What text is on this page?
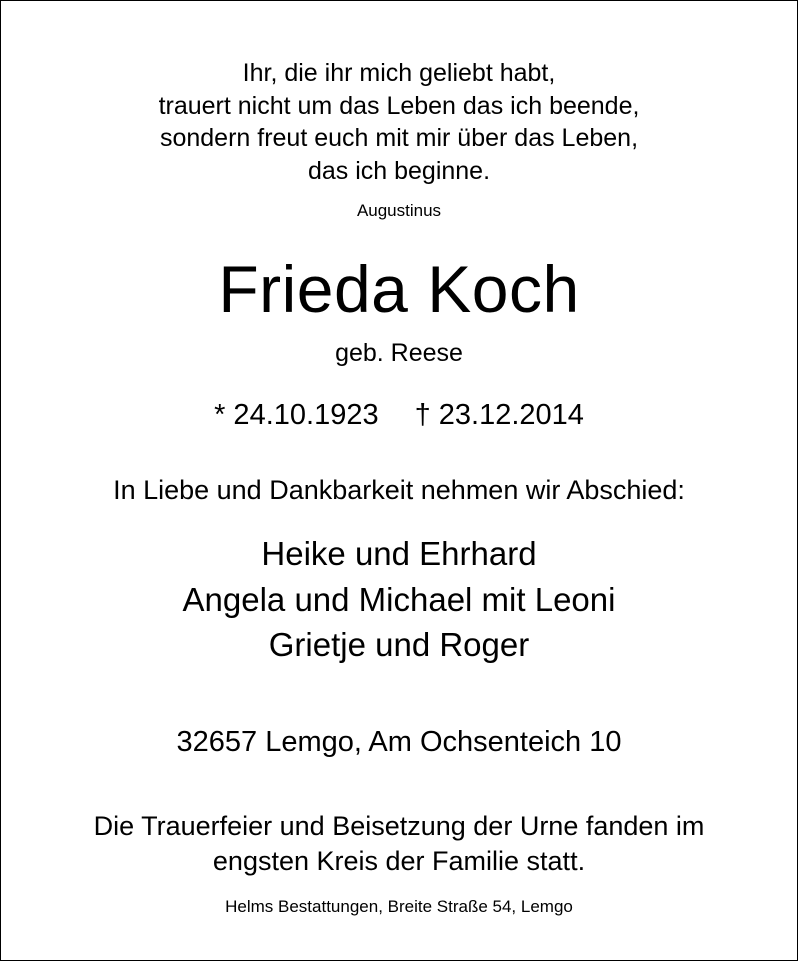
Ihr, die ihr mich geliebt habt,
trauert nicht um das Leben das ich beende,
sondern freut euch mit mir über das Leben,
das ich beginne.
Augustinus
Frieda Koch
geb. Reese
* 24.10.1923 † 23.12.2014
In Liebe und Dankbarkeit nehmen wir Abschied:
Heike und Ehrhard
Angela und Michael mit Leoni
Grietje und Roger
32657 Lemgo, Am Ochsenteich 10
Die Trauerfeier und Beisetzung der Urne fanden im
engsten Kreis der Familie statt.
Helms Bestattungen, Breite Straße 54, Lemgo
